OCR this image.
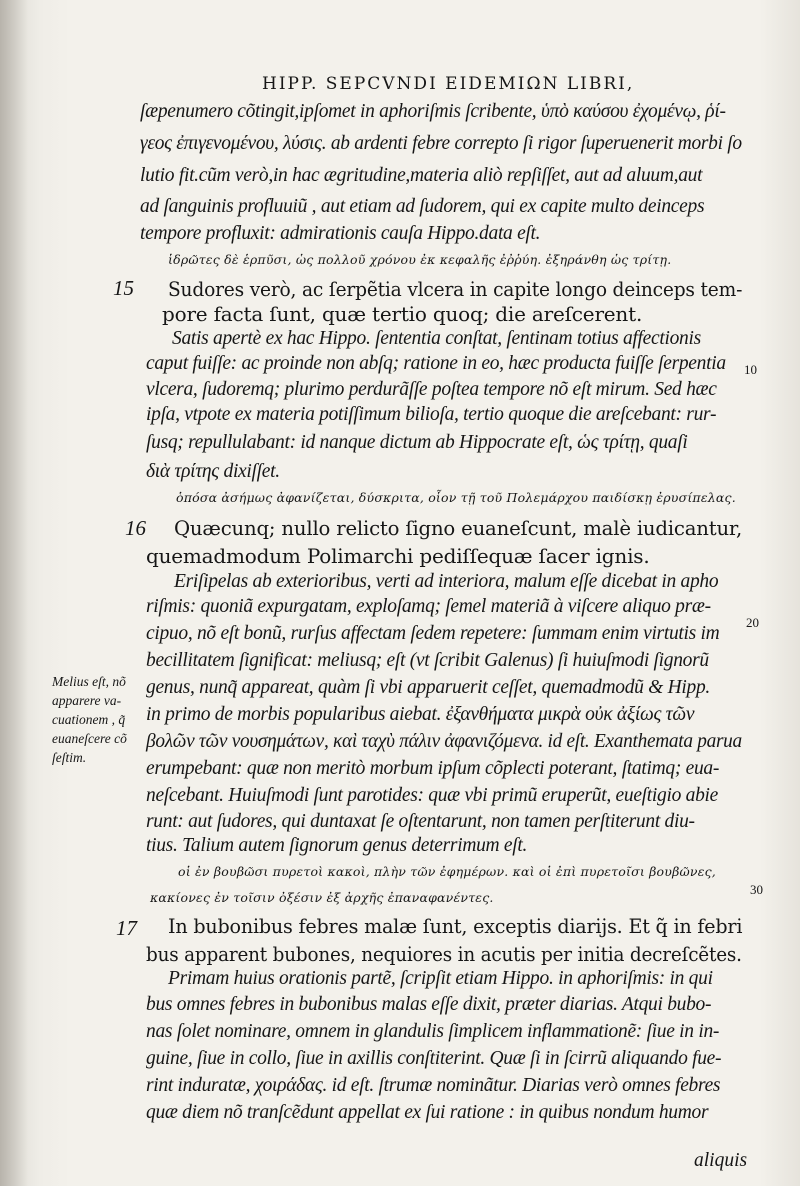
HIPP. SEPCVNDI EIDEMIΩN LIBRI,
ſæpenumero cõtingit,ipſomet in aphoriſmis ſcribente, ὑπὸ καύσου ἐχομένῳ, ῥί-
γεος ἐπιγενομένου, λύσις. ab ardenti febre correpto ſi rigor ſuperuenerit morbi ſo
lutio fit.cũm verò,in hac ægritudine,materia aliò repſiſſet, aut ad aluum,aut
ad ſanguinis profluuiũ , aut etiam ad ſudorem, qui ex capite multo deinceps
tempore profluxit: admirationis cauſa Hippo.data eſt.
ἱδρῶτες δὲ ἑρπῦσι, ὡς πολλοῦ χρόνου ἐκ κεφαλῆς ἐῤῥύη. ἐξηράνθη ὡς τρίτῃ.
15 Sudores verò, ac ſerpẽtia vlcera in capite longo deinceps tem-
pore facta ſunt, quæ tertio quoq; die areſcerent.
Satis apertè ex hac Hippo. ſententia conſtat, ſentinam totius affectionis
caput fuiſſe: ac proinde non abſq; ratione in eo, hæc producta fuiſſe ſerpentia
vlcera, ſudoremq; plurimo perdurãſſe poſtea tempore nõ eſt mirum. Sed hæc
ipſa, vtpote ex materia potiſſimum bilioſa, tertio quoque die areſcebant: rur-
ſusq; repullulabant: id nanque dictum ab Hippocrate eſt, ὡς τρίτῃ, quaſi
διὰ τρίτης dixiſſet.
10
ὁπόσα ἀσήμως ἀφανίζεται, δύσκριτα, οἷον τῇ τοῦ Πολεμάρχου παιδίσκῃ ἐρυσίπελας.
16 Quæcunq; nullo relicto ſigno euaneſcunt, malè iudicantur,
quemadmodum Polimarchi pediſſequæ ſacer ignis.
Eriſipelas ab exterioribus, verti ad interiora, malum eſſe dicebat in apho
riſmis: quoniã expurgatam, exploſamq; ſemel materiã à viſcere aliquo præ-
cipuo, nõ eſt bonũ, rurſus affectam ſedem repetere: ſummam enim virtutis im
becillitatem ſignificat: meliusq; eſt (vt ſcribit Galenus) ſi huiuſmodi ſignorũ
genus, nunq̃ appareat, quàm ſi vbi apparuerit ceſſet, quemadmodũ & Hipp.
in primo de morbis popularibus aiebat. ἐξανθήματα μικρὰ οὐκ ἀξίως τῶν
βολῶν τῶν νουσημάτων, καὶ ταχὺ πάλιν ἀφανιζόμενα. id eſt. Exanthemata parua
erumpebant: quæ non meritò morbum ipſum cõplecti poterant, ſtatimq; eua-
neſcebant. Huiuſmodi ſunt parotides: quæ vbi primũ eruperũt, eueſtigio abie
runt: aut ſudores, qui duntaxat ſe oſtentarunt, non tamen perſtiterunt diu-
tius. Talium autem ſignorum genus deterrimum eſt.
20
Melius eſt, nõ
apparere va-
cuationem , q̃
euaneſcere cõ
ſeſtim.
οἱ ἐν βουβῶσι πυρετοὶ κακοὶ, πλὴν τῶν ἐφημέρων. καὶ οἱ ἐπὶ πυρετοῖσι βουβῶνες,
κακίονες ἐν τοῖσιν ὀξέσιν ἐξ ἀρχῆς ἐπαναφανέντες.
30
17 In bubonibus febres malæ ſunt, exceptis diarijs. Et q̃ in febri
bus apparent bubones, nequiores in acutis per initia decreſcẽtes.
Primam huius orationis partẽ, ſcripſit etiam Hippo. in aphoriſmis: in qui
bus omnes febres in bubonibus malas eſſe dixit, præter diarias. Atqui bubo-
nas ſolet nominare, omnem in glandulis ſimplicem inflammationẽ: ſiue in in-
guine, ſiue in collo, ſiue in axillis conſtiterint. Quæ ſi in ſcirrũ aliquando fue-
rint induratæ, χοιράδας. id eſt. ſtrumæ nominãtur. Diarias verò omnes febres
quæ diem nõ tranſcẽdunt appellat ex ſui ratione : in quibus nondum humor
aliquis
